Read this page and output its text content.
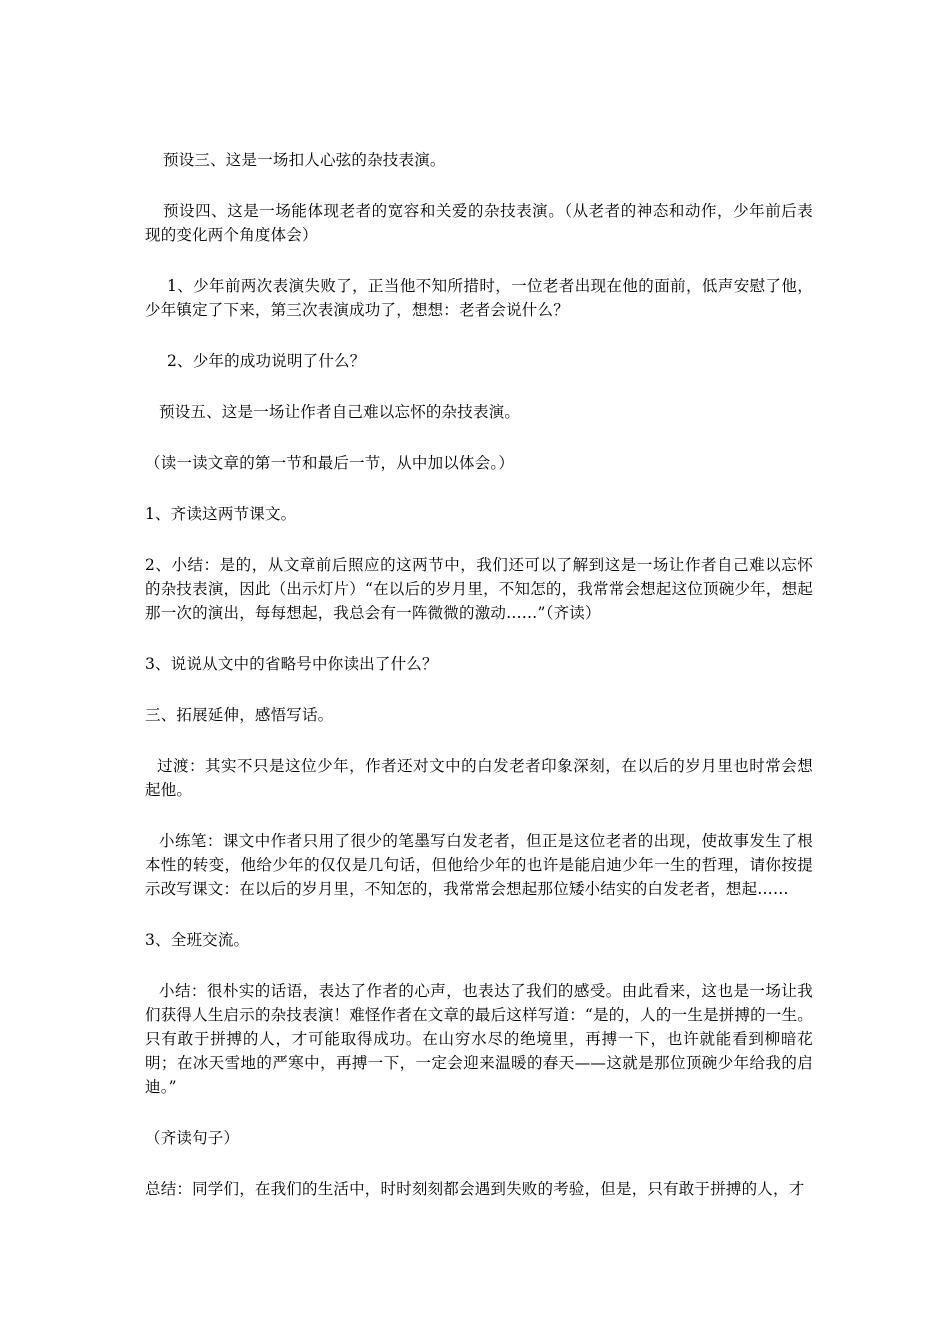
预设三、这是一场扣人心弦的杂技表演。

预设四、这是一场能体现老者的宽容和关爱的杂技表演。（从老者的神态和动作，少年前后表现的变化两个角度体会）

1、少年前两次表演失败了，正当他不知所措时，一位老者出现在他的面前，低声安慰了他，少年镇定了下来，第三次表演成功了，想想：老者会说什么？

2、少年的成功说明了什么？

预设五、这是一场让作者自己难以忘怀的杂技表演。

（读一读文章的第一节和最后一节，从中加以体会。）

1、齐读这两节课文。

2、小结：是的，从文章前后照应的这两节中，我们还可以了解到这是一场让作者自己难以忘怀的杂技表演，因此（出示灯片）“在以后的岁月里，不知怎的，我常常会想起这位顶碗少年，想起那一次的演出，每每想起，我总会有一阵微微的激动……”（齐读）

3、说说从文中的省略号中你读出了什么？

三、拓展延伸，感悟写话。

过渡：其实不只是这位少年，作者还对文中的白发老者印象深刻，在以后的岁月里也时常会想起他。

小练笔：课文中作者只用了很少的笔墨写白发老者，但正是这位老者的出现，使故事发生了根本性的转变，他给少年的仅仅是几句话，但他给少年的也许是能启迪少年一生的哲理，请你按提示改写课文：在以后的岁月里，不知怎的，我常常会想起那位矮小结实的白发老者，想起……

3、全班交流。

小结：很朴实的话语，表达了作者的心声，也表达了我们的感受。由此看来，这也是一场让我们获得人生启示的杂技表演！难怪作者在文章的最后这样写道：“是的，人的一生是拼搏的一生。只有敢于拼搏的人，才可能取得成功。在山穷水尽的绝境里，再搏一下，也许就能看到柳暗花明；在冰天雪地的严寒中，再搏一下，一定会迎来温暖的春天——这就是那位顶碗少年给我的启迪。”

（齐读句子）

总结：同学们，在我们的生活中，时时刻刻都会遇到失败的考验，但是，只有敢于拼搏的人，才
